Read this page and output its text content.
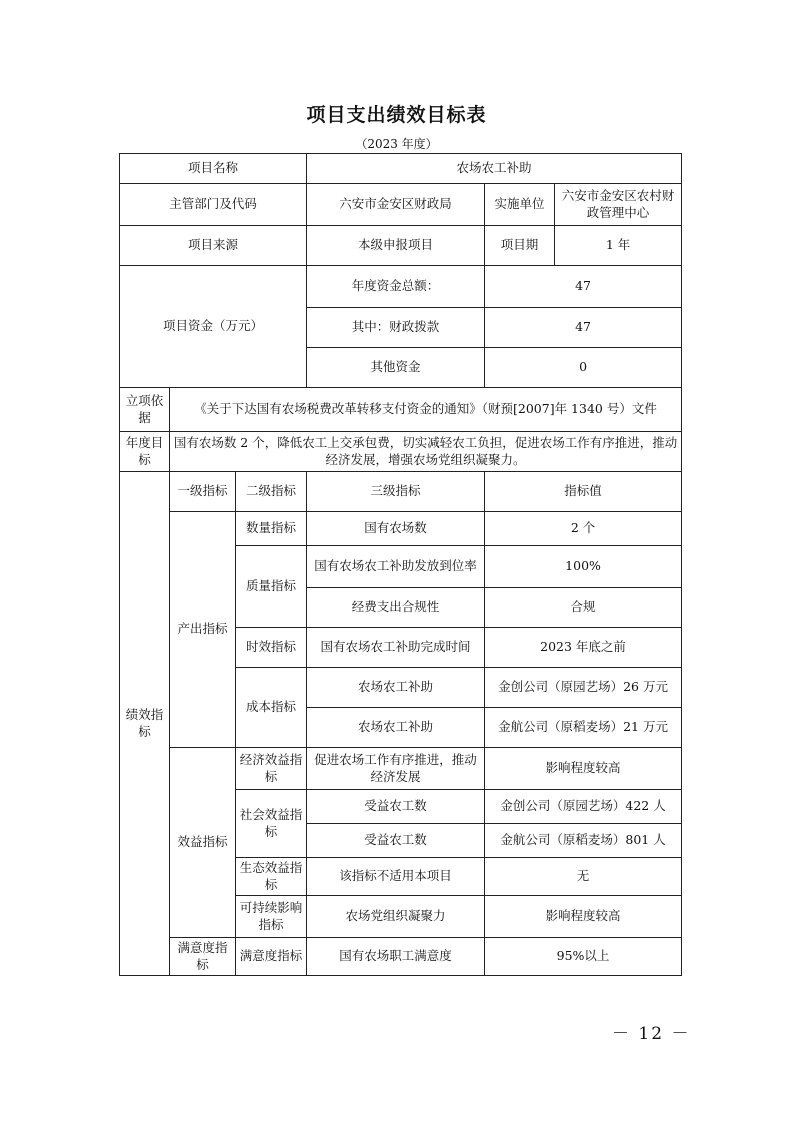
项目支出绩效目标表
（2023 年度）
项目名称			农场农工补助		
主管部门及代码			六安市金安区财政局	实施单位	六安市金安区农村财政管理中心
项目来源			本级申报项目	项目期	1 年
项目资金（万元）			年度资金总额：	47	
			其中：财政拨款	47	
			其他资金	0	
立项依据	《关于下达国有农场税费改革转移支付资金的通知》（财预[2007]年 1340 号）文件				
年度目标	国有农场数 2 个，降低农工上交承包费，切实减轻农工负担，促进农场工作有序推进，推动经济发展，增强农场党组织凝聚力。				
绩效指标	一级指标	二级指标	三级指标	指标值	
	产出指标	数量指标	国有农场数	2 个	
		质量指标	国有农场农工补助发放到位率	100%	
			经费支出合规性	合规	
		时效指标	国有农场农工补助完成时间	2023 年底之前	
		成本指标	农场农工补助	金创公司（原园艺场）26 万元	
			农场农工补助	金航公司（原稻麦场）21 万元	
	效益指标	经济效益指标	促进农场工作有序推进，推动经济发展	影响程度较高	
		社会效益指标	受益农工数	金创公司（原园艺场）422 人	
			受益农工数	金航公司（原稻麦场）801 人	
		生态效益指标	该指标不适用本项目	无	
		可持续影响指标	农场党组织凝聚力	影响程度较高	
	满意度指标	满意度指标	国有农场职工满意度	95%以上	
－ 12 －
